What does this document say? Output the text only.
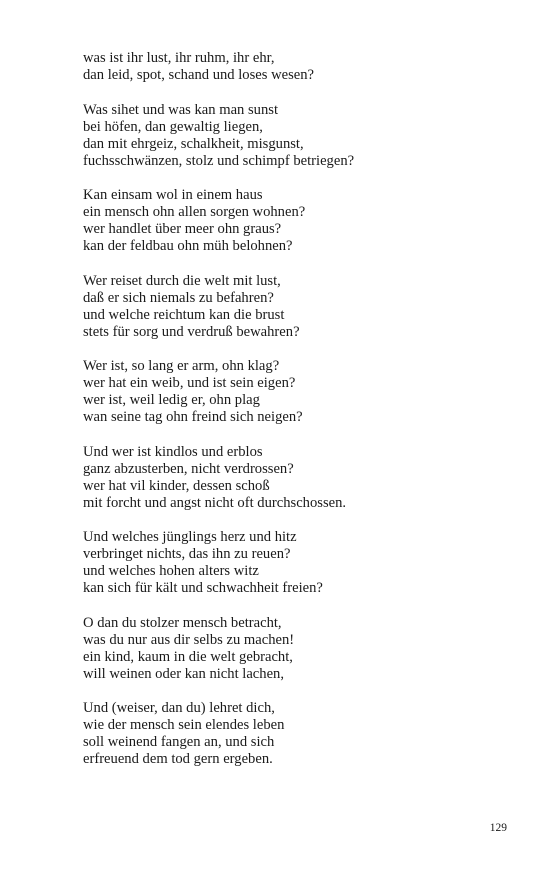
was ist ihr lust, ihr ruhm, ihr ehr,
dan leid, spot, schand und loses wesen?
Was sihet und was kan man sunst
bei höfen, dan gewaltig liegen,
dan mit ehrgeiz, schalkheit, misgunst,
fuchsschwänzen, stolz und schimpf betriegen?
Kan einsam wol in einem haus
ein mensch ohn allen sorgen wohnen?
wer handlet über meer ohn graus?
kan der feldbau ohn müh belohnen?
Wer reiset durch die welt mit lust,
daß er sich niemals zu befahren?
und welche reichtum kan die brust
stets für sorg und verdruß bewahren?
Wer ist, so lang er arm, ohn klag?
wer hat ein weib, und ist sein eigen?
wer ist, weil ledig er, ohn plag
wan seine tag ohn freind sich neigen?
Und wer ist kindlos und erblos
ganz abzusterben, nicht verdrossen?
wer hat vil kinder, dessen schoß
mit forcht und angst nicht oft durchschossen.
Und welches jünglings herz und hitz
verbringet nichts, das ihn zu reuen?
und welches hohen alters witz
kan sich für kält und schwachheit freien?
O dan du stolzer mensch betracht,
was du nur aus dir selbs zu machen!
ein kind, kaum in die welt gebracht,
will weinen oder kan nicht lachen,
Und (weiser, dan du) lehret dich,
wie der mensch sein elendes leben
soll weinend fangen an, und sich
erfreuend dem tod gern ergeben.
129
